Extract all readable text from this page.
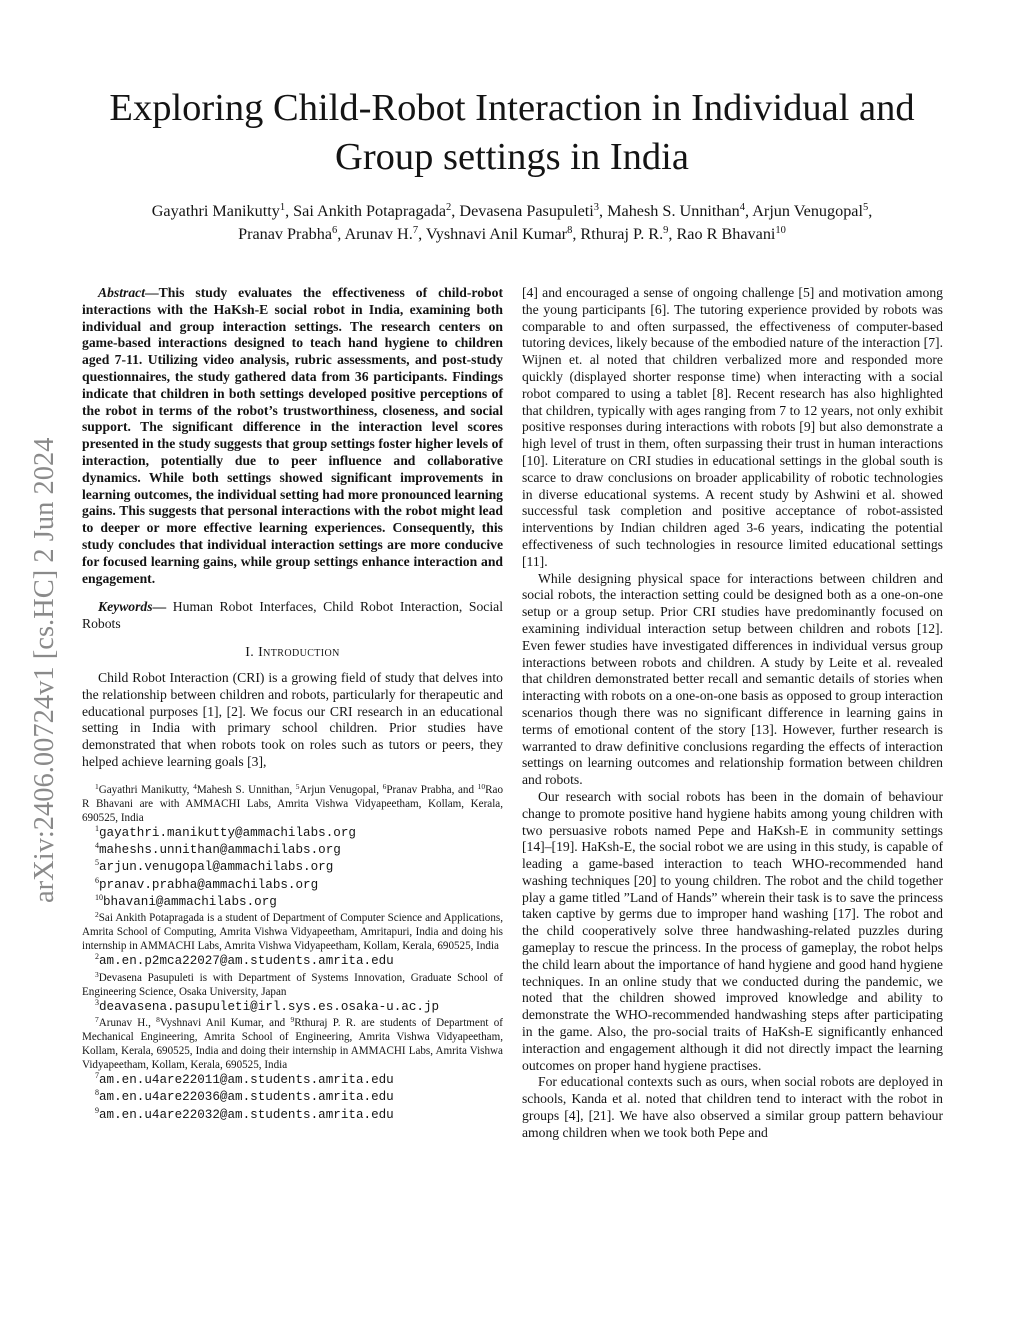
arXiv:2406.00724v1 [cs.HC] 2 Jun 2024
Exploring Child-Robot Interaction in Individual and
Group settings in India
Gayathri Manikutty$^1$, Sai Ankith Potapragada$^2$, Devasena Pasupuleti$^3$, Mahesh S. Unnithan$^4$, Arjun Venugopal$^5$,
Pranav Prabha$^6$, Arunav H.$^7$, Vyshnavi Anil Kumar$^8$, Rthuraj P. R.$^9$, Rao R Bhavani$^{10}$

Abstract—This study evaluates the effectiveness of child-robot interactions with the HaKsh-E social robot in India, examining both individual and group interaction settings. The research centers on game-based interactions designed to teach hand hygiene to children aged 7-11. Utilizing video analysis, rubric assessments, and post-study questionnaires, the study gathered data from 36 participants. Findings indicate that children in both settings developed positive perceptions of the robot in terms of the robot’s trustworthiness, closeness, and social support. The significant difference in the interaction level scores presented in the study suggests that group settings foster higher levels of interaction, potentially due to peer influence and collaborative dynamics. While both settings showed significant improvements in learning outcomes, the individual setting had more pronounced learning gains. This suggests that personal interactions with the robot might lead to deeper or more effective learning experiences. Consequently, this study concludes that individual interaction settings are more conducive for focused learning gains, while group settings enhance interaction and engagement.

Keywords— Human Robot Interfaces, Child Robot Interaction, Social Robots

I. Introduction

Child Robot Interaction (CRI) is a growing field of study that delves into the relationship between children and robots, particularly for therapeutic and educational purposes [1], [2]. We focus our CRI research in an educational setting in India with primary school children. Prior studies have demonstrated that when robots took on roles such as tutors or peers, they helped achieve learning goals [3],

$^1$Gayathri Manikutty, $^4$Mahesh S. Unnithan, $^5$Arjun Venugopal, $^6$Pranav Prabha, and $^{10}$Rao R Bhavani are with AMMACHI Labs, Amrita Vishwa Vidyapeetham, Kollam, Kerala, 690525, India
$^1$gayathri.manikutty@ammachilabs.org
$^4$maheshs.unnithan@ammachilabs.org
$^5$arjun.venugopal@ammachilabs.org
$^6$pranav.prabha@ammachilabs.org
$^{10}$bhavani@ammachilabs.org
$^2$Sai Ankith Potapragada is a student of Department of Computer Science and Applications, Amrita School of Computing, Amrita Vishwa Vidyapeetham, Amritapuri, India and doing his internship in AMMACHI Labs, Amrita Vishwa Vidyapeetham, Kollam, Kerala, 690525, India
$^2$am.en.p2mca22027@am.students.amrita.edu
$^3$Devasena Pasupuleti is with Department of Systems Innovation, Graduate School of Engineering Science, Osaka University, Japan
$^3$deavasena.pasupuleti@irl.sys.es.osaka-u.ac.jp
$^7$Arunav H., $^8$Vyshnavi Anil Kumar, and $^9$Rthuraj P. R. are students of Department of Mechanical Engineering, Amrita School of Engineering, Amrita Vishwa Vidyapeetham, Kollam, Kerala, 690525, India and doing their internship in AMMACHI Labs, Amrita Vishwa Vidyapeetham, Kollam, Kerala, 690525, India
$^7$am.en.u4are22011@am.students.amrita.edu
$^8$am.en.u4are22036@am.students.amrita.edu
$^9$am.en.u4are22032@am.students.amrita.edu

[4] and encouraged a sense of ongoing challenge [5] and motivation among the young participants [6]. The tutoring experience provided by robots was comparable to and often surpassed, the effectiveness of computer-based tutoring devices, likely because of the embodied nature of the interaction [7]. Wijnen et. al noted that children verbalized more and responded more quickly (displayed shorter response time) when interacting with a social robot compared to using a tablet [8]. Recent research has also highlighted that children, typically with ages ranging from 7 to 12 years, not only exhibit positive responses during interactions with robots [9] but also demonstrate a high level of trust in them, often surpassing their trust in human interactions [10]. Literature on CRI studies in educational settings in the global south is scarce to draw conclusions on broader applicability of robotic technologies in diverse educational systems. A recent study by Ashwini et al. showed successful task completion and positive acceptance of robot-assisted interventions by Indian children aged 3-6 years, indicating the potential effectiveness of such technologies in resource limited educational settings [11].

While designing physical space for interactions between children and social robots, the interaction setting could be designed both as a one-on-one setup or a group setup. Prior CRI studies have predominantly focused on examining individual interaction setup between children and robots [12]. Even fewer studies have investigated differences in individual versus group interactions between robots and children. A study by Leite et al. revealed that children demonstrated better recall and semantic details of stories when interacting with robots on a one-on-one basis as opposed to group interaction scenarios though there was no significant difference in learning gains in terms of emotional content of the story [13]. However, further research is warranted to draw definitive conclusions regarding the effects of interaction settings on learning outcomes and relationship formation between children and robots.

Our research with social robots has been in the domain of behaviour change to promote positive hand hygiene habits among young children with two persuasive robots named Pepe and HaKsh-E in community settings [14]–[19]. HaKsh-E, the social robot we are using in this study, is capable of leading a game-based interaction to teach WHO-recommended hand washing techniques [20] to young children. The robot and the child together play a game titled ”Land of Hands” wherein their task is to save the princess taken captive by germs due to improper hand washing [17]. The robot and the child cooperatively solve three handwashing-related puzzles during gameplay to rescue the princess. In the process of gameplay, the robot helps the child learn about the importance of hand hygiene and good hand hygiene techniques. In an online study that we conducted during the pandemic, we noted that the children showed improved knowledge and ability to demonstrate the WHO-recommended handwashing steps after participating in the game. Also, the pro-social traits of HaKsh-E significantly enhanced interaction and engagement although it did not directly impact the learning outcomes on proper hand hygiene practises.

For educational contexts such as ours, when social robots are deployed in schools, Kanda et al. noted that children tend to interact with the robot in groups [4], [21]. We have also observed a similar group pattern behaviour among children when we took both Pepe and
